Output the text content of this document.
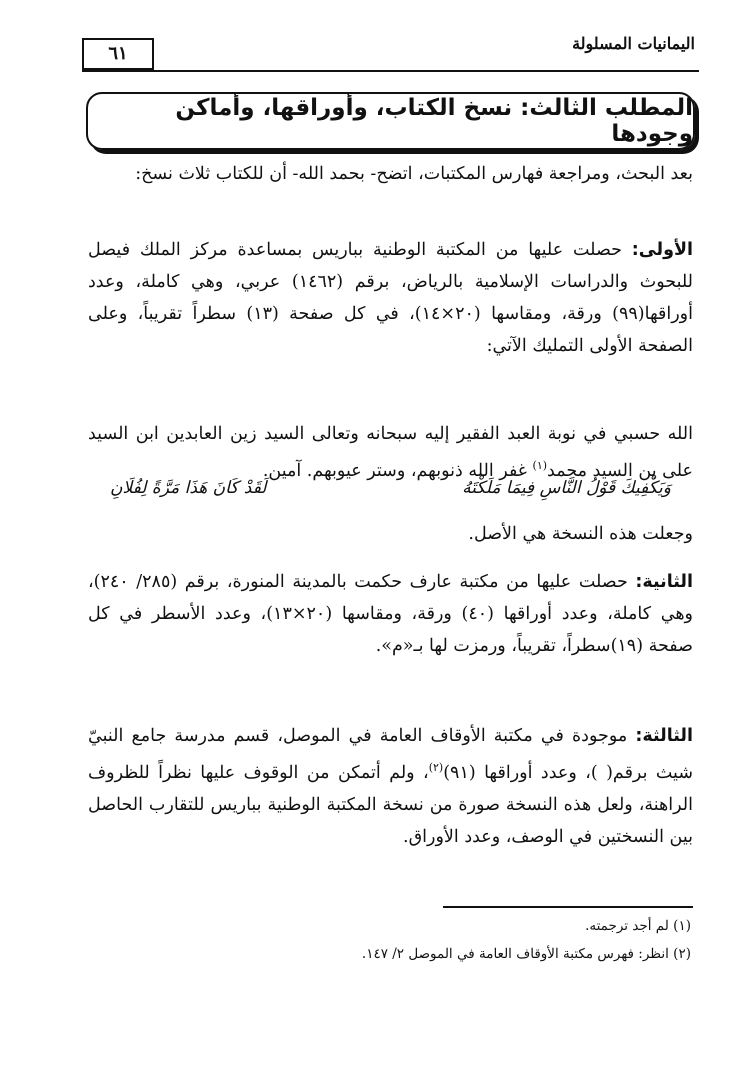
اليمانيات المسلولة
٦١
المطلب الثالث: نسخ الكتاب، وأوراقها، وأماكن وجودها
بعد البحث، ومراجعة فهارس المكتبات، اتضح- بحمد الله- أن للكتاب ثلاث نسخ:
الأولى: حصلت عليها من المكتبة الوطنية بباريس بمساعدة مركز الملك فيصل للبحوث والدراسات الإسلامية بالرياض، برقم (١٤٦٢) عربي، وهي كاملة، وعدد أوراقها(٩٩) ورقة، ومقاسها (٢٠×١٤)، في كل صفحة (١٣) سطراً تقريباً، وعلى الصفحة الأولى التمليك الآتي:
الله حسبي في نوبة العبد الفقير إليه سبحانه وتعالى السيد زين العابدين ابن السيد على بن السيد محمد$^{(١)}$ غفر الله ذنوبهم، وستر عيوبهم. آمين.
وَيَكْفِيكَ قَوْلُ النَّاسِ فِيمَا مَلَكْتَهُ
لَقَدْ كَانَ هَذَا مَرَّةً لِفُلَانِ
وجعلت هذه النسخة هي الأصل.
الثانية: حصلت عليها من مكتبة عارف حكمت بالمدينة المنورة، برقم (٢٨٥/ ٢٤٠)، وهي كاملة، وعدد أوراقها (٤٠) ورقة، ومقاسها (٢٠×١٣)، وعدد الأسطر في كل صفحة (١٩)سطراً، تقريباً، ورمزت لها بـ«م».
الثالثة: موجودة في مكتبة الأوقاف العامة في الموصل، قسم مدرسة جامع النبيّ شيث برقم( )، وعدد أوراقها (٩١)$^{(٢)}$، ولم أتمكن من الوقوف عليها نظراً للظروف الراهنة، ولعل هذه النسخة صورة من نسخة المكتبة الوطنية بباريس للتقارب الحاصل بين النسختين في الوصف، وعدد الأوراق.
(١) لم أجد ترجمته.
(٢) انظر: فهرس مكتبة الأوقاف العامة في الموصل ٢/ ١٤٧.
